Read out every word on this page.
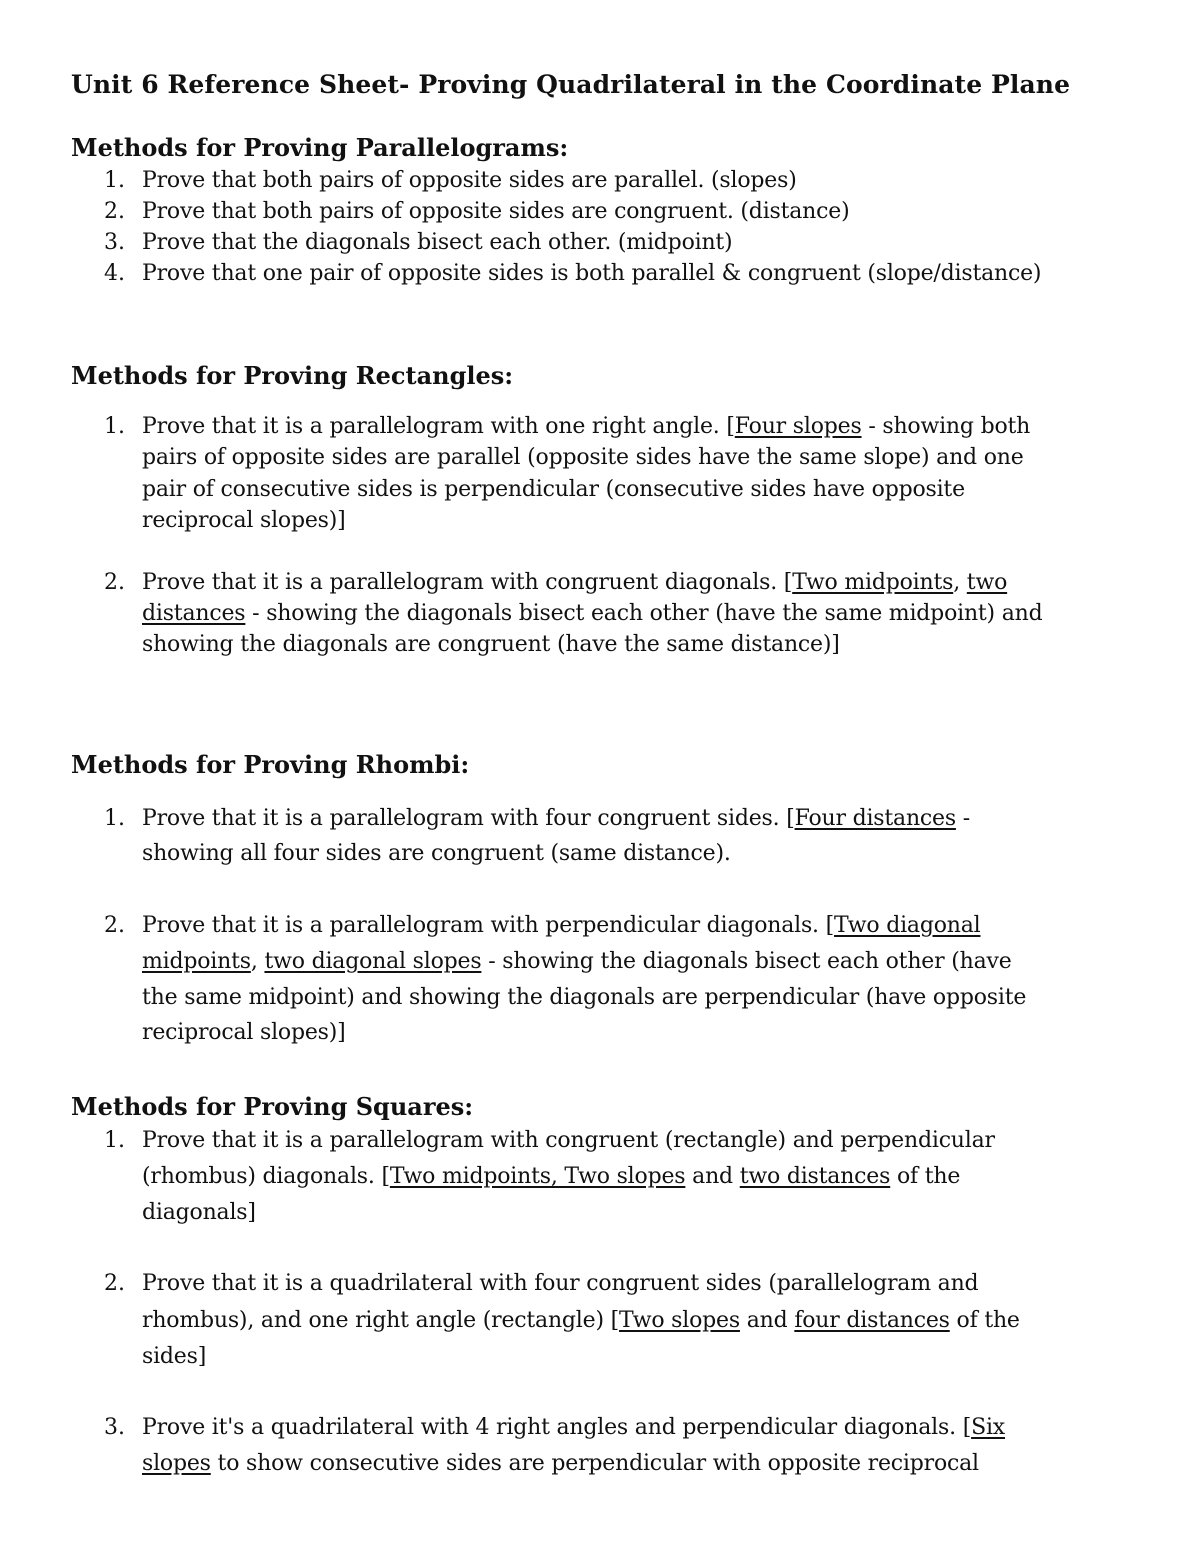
Unit 6 Reference Sheet- Proving Quadrilateral in the Coordinate Plane
Methods for Proving Parallelograms:
1. Prove that both pairs of opposite sides are parallel. (slopes)
2. Prove that both pairs of opposite sides are congruent. (distance)
3. Prove that the diagonals bisect each other. (midpoint)
4. Prove that one pair of opposite sides is both parallel & congruent (slope/distance)
Methods for Proving Rectangles:
1. Prove that it is a parallelogram with one right angle. [Four slopes - showing both
pairs of opposite sides are parallel (opposite sides have the same slope) and one
pair of consecutive sides is perpendicular (consecutive sides have opposite
reciprocal slopes)]
2. Prove that it is a parallelogram with congruent diagonals. [Two midpoints, two
distances - showing the diagonals bisect each other (have the same midpoint) and
showing the diagonals are congruent (have the same distance)]
Methods for Proving Rhombi:
1. Prove that it is a parallelogram with four congruent sides. [Four distances -
showing all four sides are congruent (same distance).
2. Prove that it is a parallelogram with perpendicular diagonals. [Two diagonal
midpoints, two diagonal slopes - showing the diagonals bisect each other (have
the same midpoint) and showing the diagonals are perpendicular (have opposite
reciprocal slopes)]
Methods for Proving Squares:
1. Prove that it is a parallelogram with congruent (rectangle) and perpendicular
(rhombus) diagonals. [Two midpoints, Two slopes and two distances of the
diagonals]
2. Prove that it is a quadrilateral with four congruent sides (parallelogram and
rhombus), and one right angle (rectangle) [Two slopes and four distances of the
sides]
3. Prove it's a quadrilateral with 4 right angles and perpendicular diagonals. [Six
slopes to show consecutive sides are perpendicular with opposite reciprocal
